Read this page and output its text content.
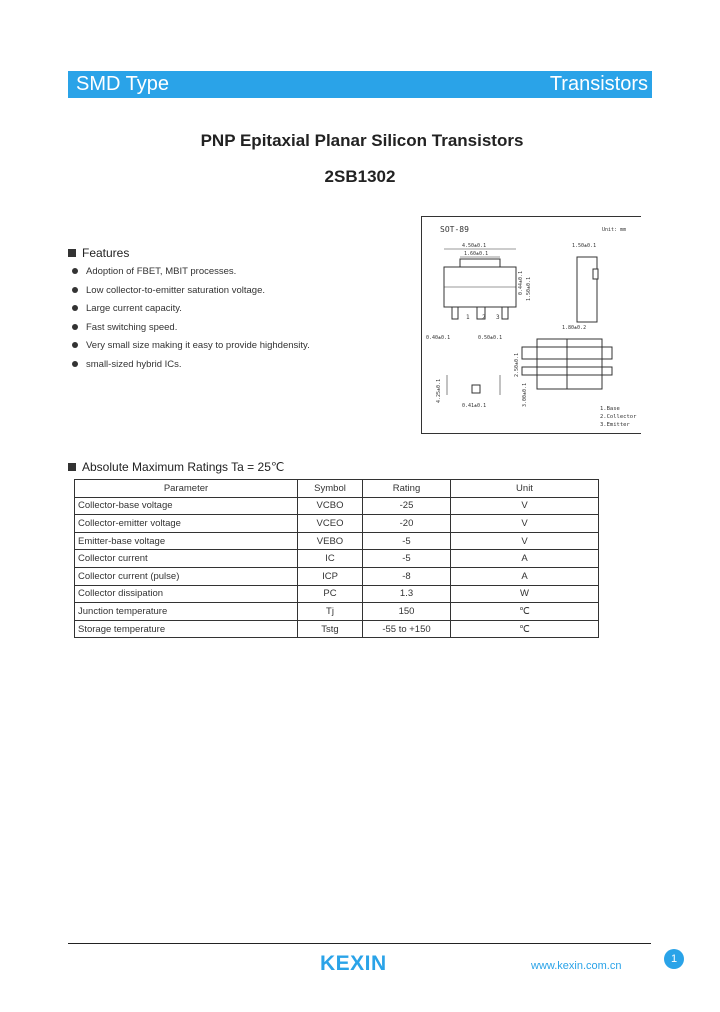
SMD Type	Transistors
PNP Epitaxial Planar Silicon Transistors
2SB1302
Features
Adoption of FBET, MBIT processes.
Low collector-to-emitter saturation voltage.
Large current capacity.
Fast switching speed.
Very small size making it easy to provide highdensity.
small-sized hybrid ICs.
SOT-89	Unit: mm
1 2 3
4.50±0.1
1.60±0.1
0.44±0.1 1.50±0.1
0.40±0.1	0.50±0.1
1.50±0.1
1.80±0.2
2.50±0.1
0.41±0.1	3.00±0.1
4.25±0.1
1.Base
2.Collector
3.Emitter
Absolute Maximum Ratings Ta = 25℃
Parameter	Symbol	Rating	Unit
Collector-base voltage	VCBO	-25	V
Collector-emitter voltage	VCEO	-20	V
Emitter-base voltage	VEBO	-5	V
Collector current	IC	-5	A
Collector current (pulse)	ICP	-8	A
Collector dissipation	PC	1.3	W
Junction temperature	Tj	150	℃
Storage temperature	Tstg	-55 to +150	℃
KEXIN	www.kexin.com.cn
1
